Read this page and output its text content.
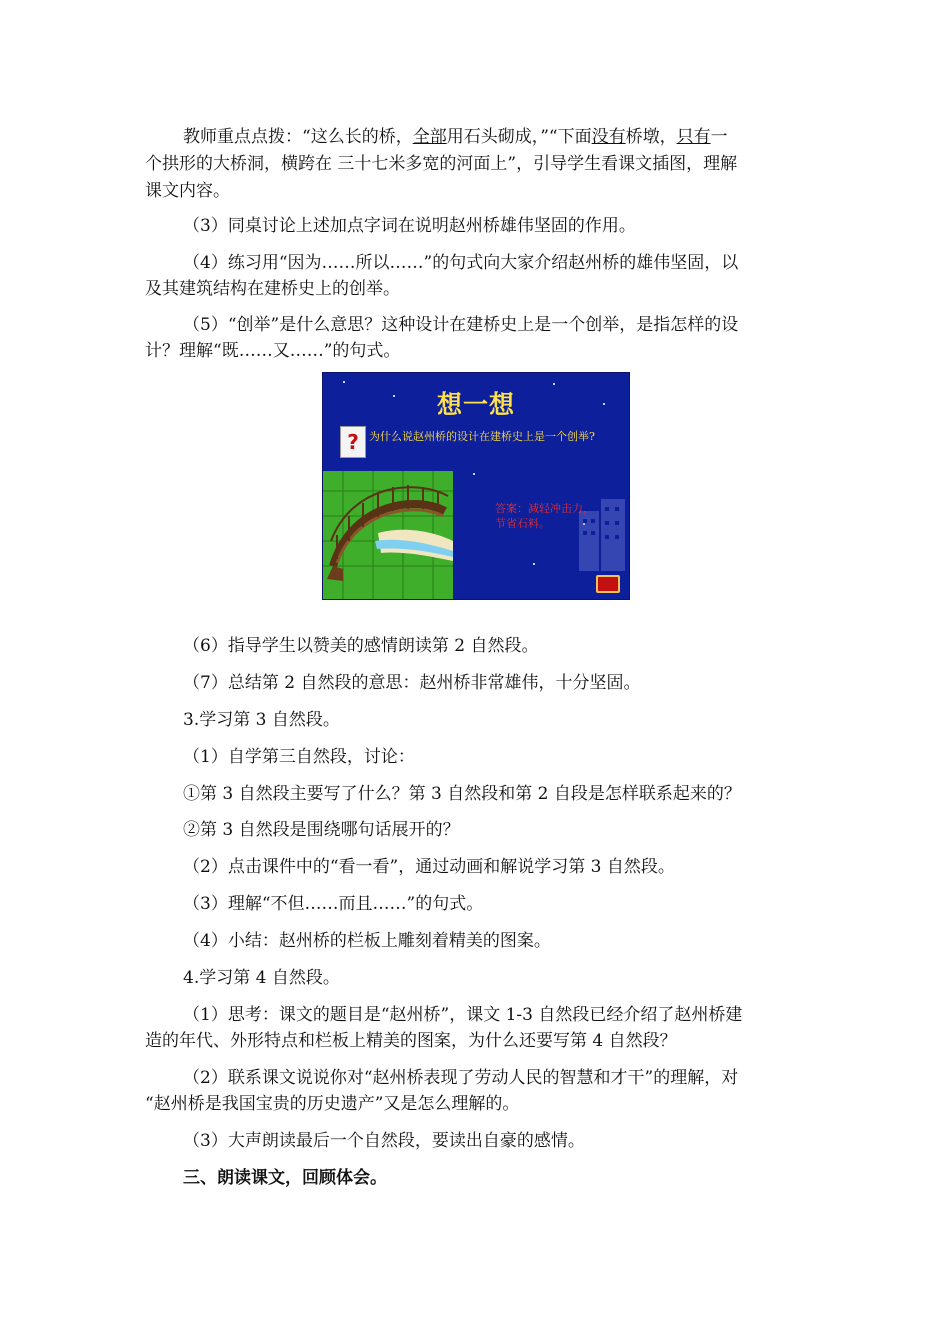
教师重点点拨：“这么长的桥，全部用石头砌成，”“下面没有桥墩，只有一
个拱形的大桥洞，横跨在 三十七米多宽的河面上”，引导学生看课文插图，理解
课文内容。
（3）同桌讨论上述加点字词在说明赵州桥雄伟坚固的作用。
（4）练习用“因为……所以……”的句式向大家介绍赵州桥的雄伟坚固，以
及其建筑结构在建桥史上的创举。
（5）“创举”是什么意思？这种设计在建桥史上是一个创举，是指怎样的设
计？理解“既……又……”的句式。
想一想
? 为什么说赵州桥的设计在建桥史上是一个创举?
答案：减轻冲击力，节省石料。
（6）指导学生以赞美的感情朗读第 2 自然段。
（7）总结第 2 自然段的意思：赵州桥非常雄伟，十分坚固。
3.学习第 3 自然段。
（1）自学第三自然段，讨论：
①第 3 自然段主要写了什么？第 3 自然段和第 2 自段是怎样联系起来的？
②第 3 自然段是围绕哪句话展开的？
（2）点击课件中的“看一看”，通过动画和解说学习第 3 自然段。
（3）理解“不但……而且……”的句式。
（4）小结：赵州桥的栏板上雕刻着精美的图案。
4.学习第 4 自然段。
（1）思考：课文的题目是“赵州桥”，课文 1-3 自然段已经介绍了赵州桥建
造的年代、外形特点和栏板上精美的图案，为什么还要写第 4 自然段？
（2）联系课文说说你对“赵州桥表现了劳动人民的智慧和才干”的理解，对
“赵州桥是我国宝贵的历史遗产”又是怎么理解的。
（3）大声朗读最后一个自然段，要读出自豪的感情。
三、朗读课文，回顾体会。
